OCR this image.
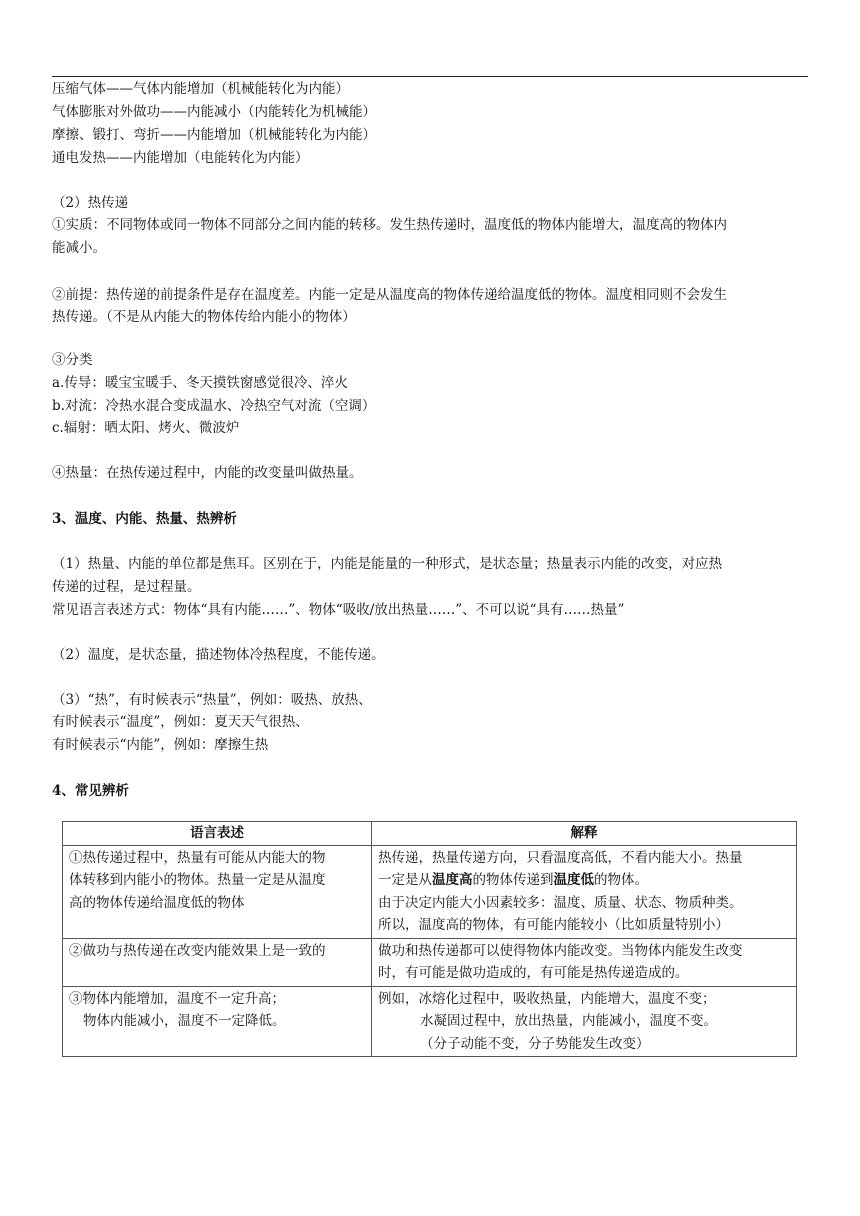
压缩气体——气体内能增加（机械能转化为内能）
气体膨胀对外做功——内能减小（内能转化为机械能）
摩擦、锻打、弯折——内能增加（机械能转化为内能）
通电发热——内能增加（电能转化为内能）
（2）热传递
①实质：不同物体或同一物体不同部分之间内能的转移。发生热传递时，温度低的物体内能增大，温度高的物体内
能减小。
②前提：热传递的前提条件是存在温度差。内能一定是从温度高的物体传递给温度低的物体。温度相同则不会发生
热传递。（不是从内能大的物体传给内能小的物体）
③分类
a.传导：暖宝宝暖手、冬天摸铁窗感觉很冷、淬火
b.对流：冷热水混合变成温水、冷热空气对流（空调）
c.辐射：晒太阳、烤火、微波炉
④热量：在热传递过程中，内能的改变量叫做热量。
3、温度、内能、热量、热辨析
（1）热量、内能的单位都是焦耳。区别在于，内能是能量的一种形式，是状态量；热量表示内能的改变，对应热
传递的过程，是过程量。
常见语言表述方式：物体“具有内能……”、物体“吸收/放出热量……”、不可以说“具有……热量”
（2）温度，是状态量，描述物体冷热程度，不能传递。
（3）“热”，有时候表示“热量”，例如：吸热、放热、
有时候表示“温度”，例如：夏天天气很热、
有时候表示“内能”，例如：摩擦生热
4、常见辨析
语言表述	解释

①热传递过程中，热量有可能从内能大的物
体转移到内能小的物体。热量一定是从温度
高的物体传递给温度低的物体	热传递，热量传递方向，只看温度高低，不看内能大小。热量
一定是从温度高的物体传递到温度低的物体。
由于决定内能大小因素较多：温度、质量、状态、物质种类。
所以，温度高的物体，有可能内能较小（比如质量特别小）

②做功与热传递在改变内能效果上是一致的	做功和热传递都可以使得物体内能改变。当物体内能发生改变
时，有可能是做功造成的，有可能是热传递造成的。

③物体内能增加，温度不一定升高；
物体内能减小，温度不一定降低。	例如，冰熔化过程中，吸收热量，内能增大，温度不变；
水凝固过程中，放出热量，内能减小，温度不变。
（分子动能不变，分子势能发生改变）
